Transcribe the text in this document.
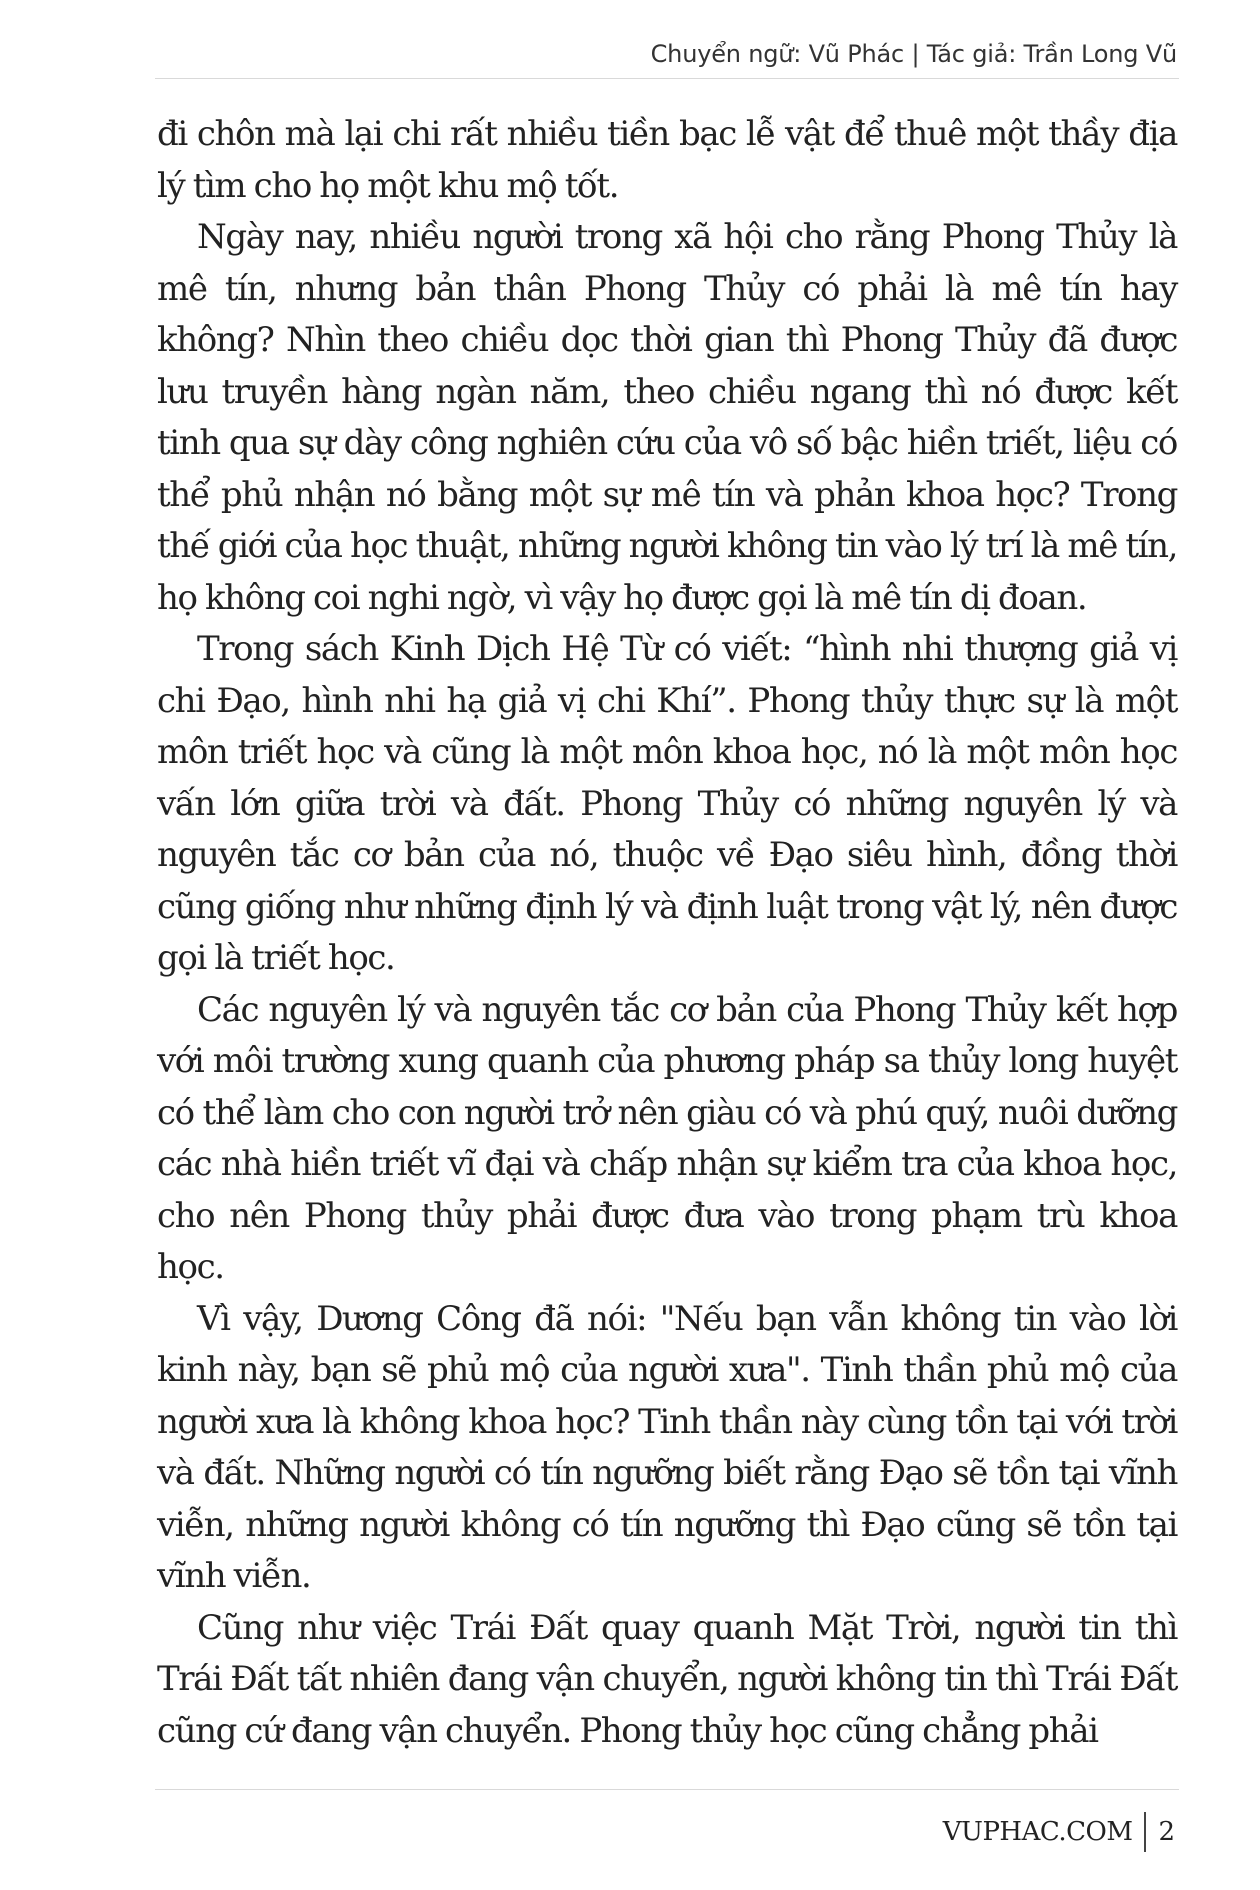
Chuyển ngữ: Vũ Phác | Tác giả: Trần Long Vũ

đi chôn mà lại chi rất nhiều tiền bạc lễ vật để thuê một thầy địa lý tìm cho họ một khu mộ tốt.

Ngày nay, nhiều người trong xã hội cho rằng Phong Thủy là mê tín, nhưng bản thân Phong Thủy có phải là mê tín hay không? Nhìn theo chiều dọc thời gian thì Phong Thủy đã được lưu truyền hàng ngàn năm, theo chiều ngang thì nó được kết tinh qua sự dày công nghiên cứu của vô số bậc hiền triết, liệu có thể phủ nhận nó bằng một sự mê tín và phản khoa học? Trong thế giới của học thuật, những người không tin vào lý trí là mê tín, họ không coi nghi ngờ, vì vậy họ được gọi là mê tín dị đoan.

Trong sách Kinh Dịch Hệ Từ có viết: “hình nhi thượng giả vị chi Đạo, hình nhi hạ giả vị chi Khí”. Phong thủy thực sự là một môn triết học và cũng là một môn khoa học, nó là một môn học vấn lớn giữa trời và đất. Phong Thủy có những nguyên lý và nguyên tắc cơ bản của nó, thuộc về Đạo siêu hình, đồng thời cũng giống như những định lý và định luật trong vật lý, nên được gọi là triết học.

Các nguyên lý và nguyên tắc cơ bản của Phong Thủy kết hợp với môi trường xung quanh của phương pháp sa thủy long huyệt có thể làm cho con người trở nên giàu có và phú quý, nuôi dưỡng các nhà hiền triết vĩ đại và chấp nhận sự kiểm tra của khoa học, cho nên Phong thủy phải được đưa vào trong phạm trù khoa học.

Vì vậy, Dương Công đã nói: "Nếu bạn vẫn không tin vào lời kinh này, bạn sẽ phủ mộ của người xưa". Tinh thần phủ mộ của người xưa là không khoa học? Tinh thần này cùng tồn tại với trời và đất. Những người có tín ngưỡng biết rằng Đạo sẽ tồn tại vĩnh viễn, những người không có tín ngưỡng thì Đạo cũng sẽ tồn tại vĩnh viễn.

Cũng như việc Trái Đất quay quanh Mặt Trời, người tin thì Trái Đất tất nhiên đang vận chuyển, người không tin thì Trái Đất cũng cứ đang vận chuyển. Phong thủy học cũng chẳng phải

VUPHAC.COM 2
